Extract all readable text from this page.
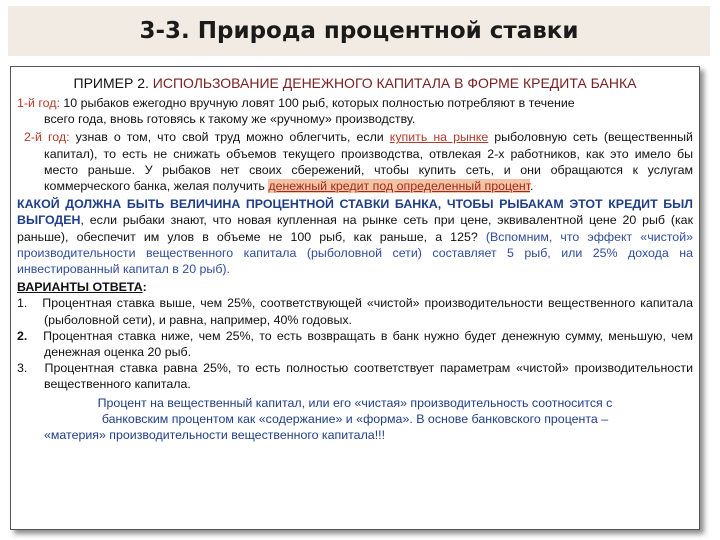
3-3. Природа процентной ставки

ПРИМЕР 2. ИСПОЛЬЗОВАНИЕ ДЕНЕЖНОГО КАПИТАЛА В ФОРМЕ КРЕДИТА БАНКА

1-й год: 10 рыбаков ежегодно вручную ловят 100 рыб, которых полностью потребляют в течение

всего года, вновь готовясь к такому же «ручному» производству.

2-й год: узнав о том, что свой труд можно облегчить, если купить на рынке рыболовную сеть (вещественный капитал), то есть не снижать объемов текущего производства, отвлекая 2-х работников, как это имело бы место раньше. У рыбаков нет своих сбережений, чтобы купить сеть, и они обращаются к услугам коммерческого банка, желая получить денежный кредит под определенный процент.

КАКОЙ ДОЛЖНА БЫТЬ ВЕЛИЧИНА ПРОЦЕНТНОЙ СТАВКИ БАНКА, ЧТОБЫ РЫБАКАМ ЭТОТ КРЕДИТ БЫЛ ВЫГОДЕН, если рыбаки знают, что новая купленная на рынке сеть при цене, эквивалентной цене 20 рыб (как раньше), обеспечит им улов в объеме не 100 рыб, как раньше, а 125? (Вспомним, что эффект «чистой» производительности вещественного капитала (рыболовной сети) составляет 5 рыб, или 25% дохода на инвестированный капитал в 20 рыб).

ВАРИАНТЫ ОТВЕТА:

1. Процентная ставка выше, чем 25%, соответствующей «чистой» производительности вещественного капитала (рыболовной сети), и равна, например, 40% годовых.

2. Процентная ставка ниже, чем 25%, то есть возвращать в банк нужно будет денежную сумму, меньшую, чем денежная оценка 20 рыб.

3. Процентная ставка равна 25%, то есть полностью соответствует параметрам «чистой» производительности вещественного капитала.

Процент на вещественный капитал, или его «чистая» производительность соотносится с

банковским процентом как «содержание» и «форма». В основе банковского процента –

«материя» производительности вещественного капитала!!!
